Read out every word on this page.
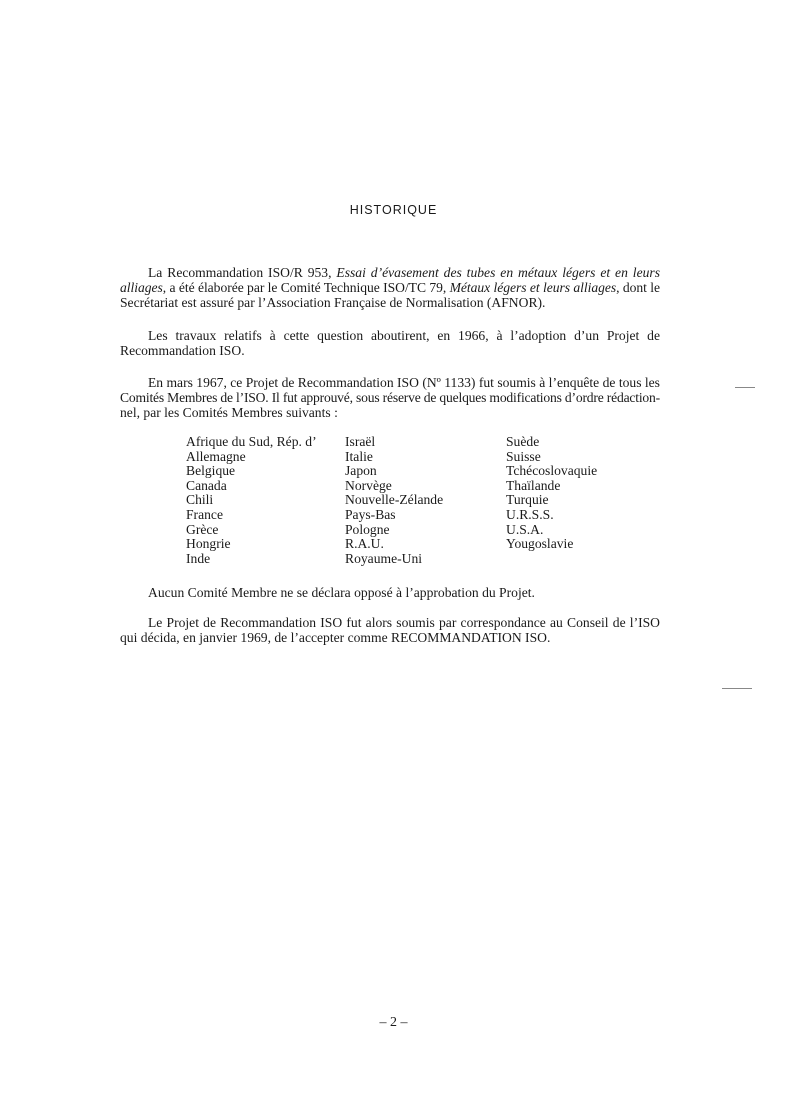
HISTORIQUE
La Recommandation ISO/R 953, Essai d’évasement des tubes en métaux légers et en leurs
alliages, a été élaborée par le Comité Technique ISO/TC 79, Métaux légers et leurs alliages, dont le
Secrétariat est assuré par l’Association Française de Normalisation (AFNOR).
Les travaux relatifs à cette question aboutirent, en 1966, à l’adoption d’un Projet de
Recommandation ISO.
En mars 1967, ce Projet de Recommandation ISO (Nº 1133) fut soumis à l’enquête de tous les
Comités Membres de l’ISO. Il fut approuvé, sous réserve de quelques modifications d’ordre rédaction-
nel, par les Comités Membres suivants :
Aucun Comité Membre ne se déclara opposé à l’approbation du Projet.
Le Projet de Recommandation ISO fut alors soumis par correspondance au Conseil de l’ISO
qui décida, en janvier 1969, de l’accepter comme RECOMMANDATION ISO.
Afrique du Sud, Rép. d’
Allemagne
Belgique
Canada
Chili
France
Grèce
Hongrie
Inde
Israël
Italie
Japon
Norvège
Nouvelle-Zélande
Pays-Bas
Pologne
R.A.U.
Royaume-Uni
Suède
Suisse
Tchécoslovaquie
Thaïlande
Turquie
U.R.S.S.
U.S.A.
Yougoslavie
– 2 –
